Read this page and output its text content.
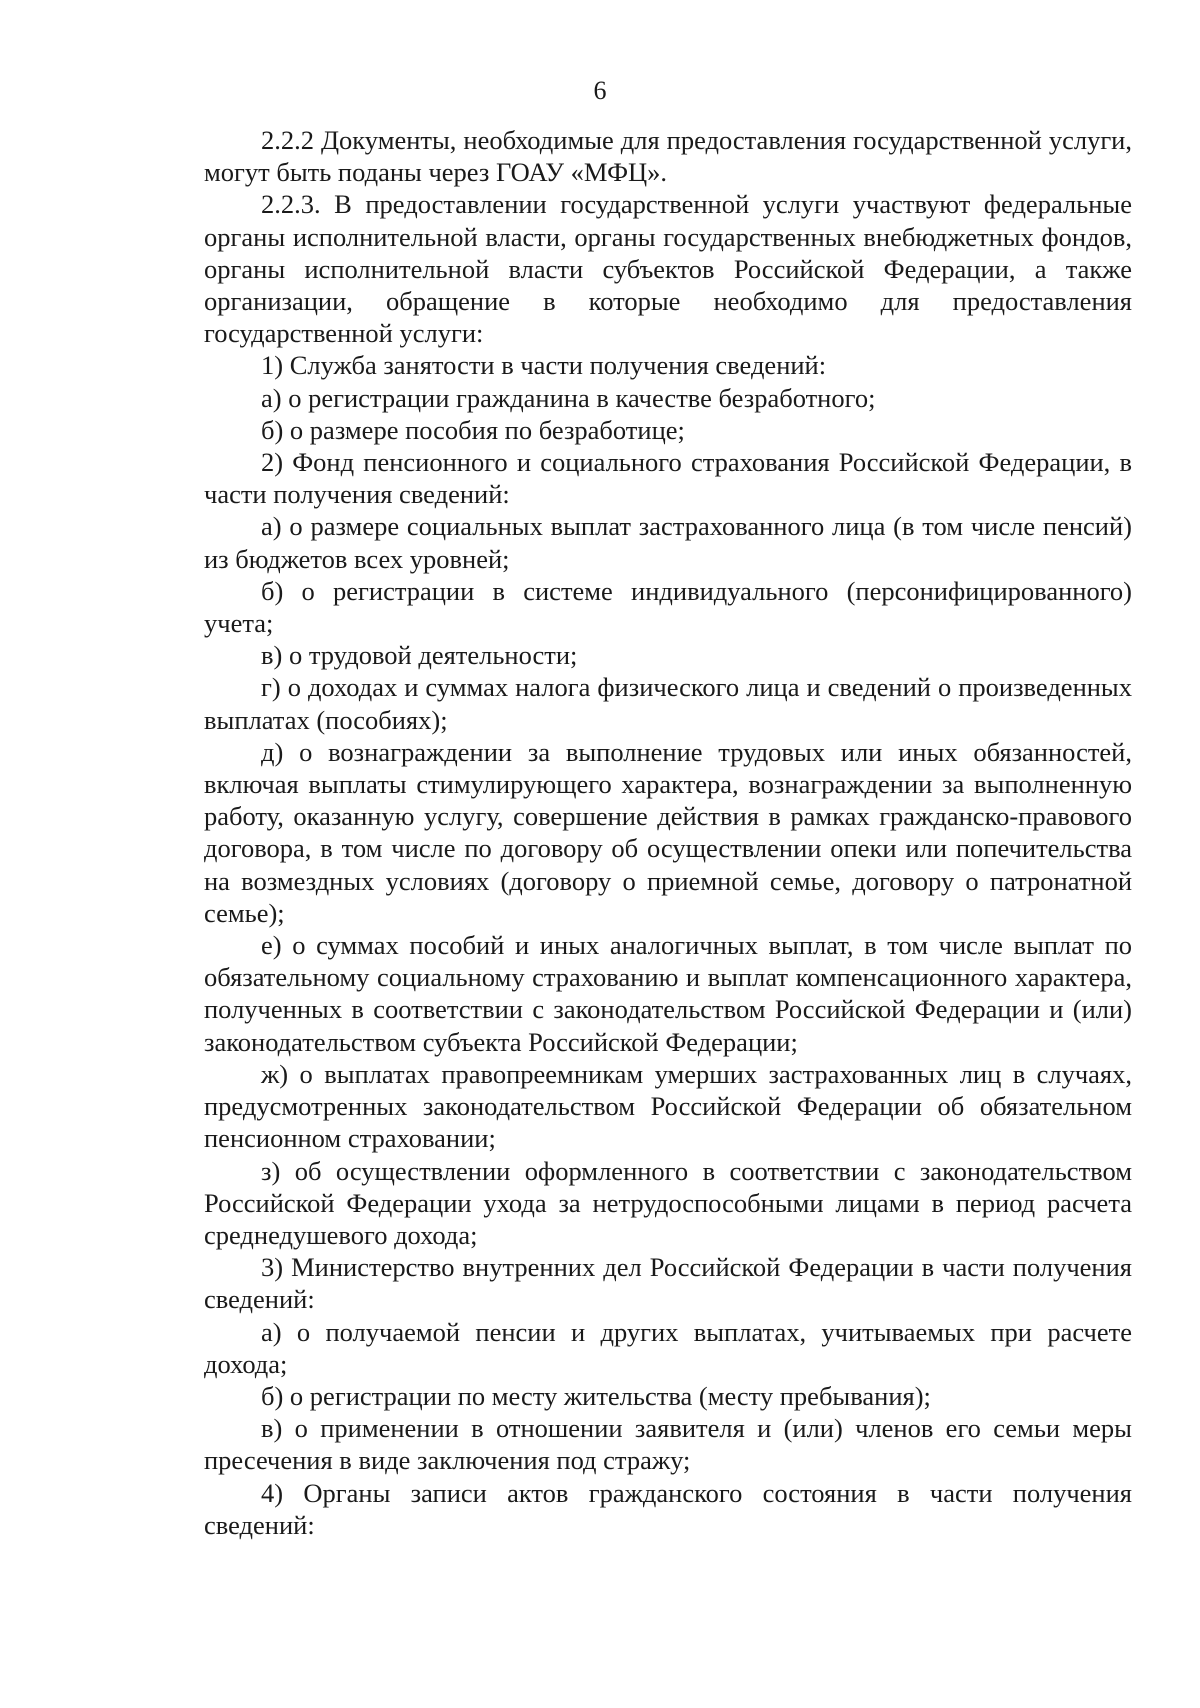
6

2.2.2 Документы, необходимые для предоставления государственной услуги, могут быть поданы через ГОАУ «МФЦ».

2.2.3. В предоставлении государственной услуги участвуют федеральные органы исполнительной власти, органы государственных внебюджетных фондов, органы исполнительной власти субъектов Российской Федерации, а также организации, обращение в которые необходимо для предоставления государственной услуги:

1) Служба занятости в части получения сведений:

а) о регистрации гражданина в качестве безработного;

б) о размере пособия по безработице;

2) Фонд пенсионного и социального страхования Российской Федерации, в части получения сведений:

а) о размере социальных выплат застрахованного лица (в том числе пенсий) из бюджетов всех уровней;

б) о регистрации в системе индивидуального (персонифицированного) учета;

в) о трудовой деятельности;

г) о доходах и суммах налога физического лица и сведений о произведенных выплатах (пособиях);

д) о вознаграждении за выполнение трудовых или иных обязанностей, включая выплаты стимулирующего характера, вознаграждении за выполненную работу, оказанную услугу, совершение действия в рамках гражданско-правового договора, в том числе по договору об осуществлении опеки или попечительства на возмездных условиях (договору о приемной семье, договору о патронатной семье);

е) о суммах пособий и иных аналогичных выплат, в том числе выплат по обязательному социальному страхованию и выплат компенсационного характера, полученных в соответствии с законодательством Российской Федерации и (или) законодательством субъекта Российской Федерации;

ж) о выплатах правопреемникам умерших застрахованных лиц в случаях, предусмотренных законодательством Российской Федерации об обязательном пенсионном страховании;

з) об осуществлении оформленного в соответствии с законодательством Российской Федерации ухода за нетрудоспособными лицами в период расчета среднедушевого дохода;

3) Министерство внутренних дел Российской Федерации в части получения сведений:

а) о получаемой пенсии и других выплатах, учитываемых при расчете дохода;

б) о регистрации по месту жительства (месту пребывания);

в) о применении в отношении заявителя и (или) членов его семьи меры пресечения в виде заключения под стражу;

4) Органы записи актов гражданского состояния в части получения сведений:
